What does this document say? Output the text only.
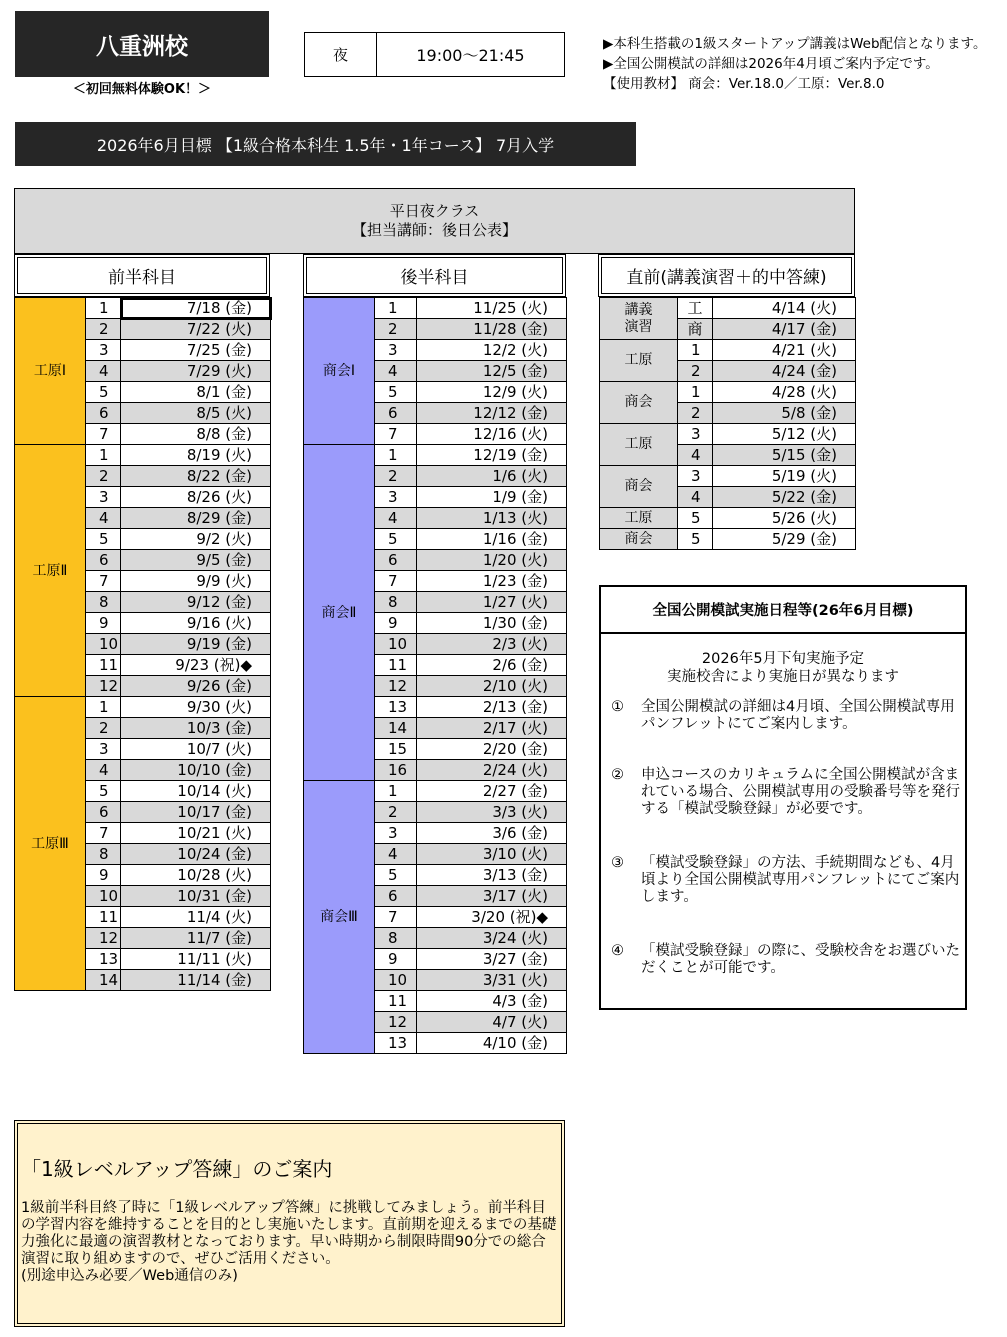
八重洲校
＜初回無料体験OK！＞
夜	19:00〜21:45
▶本科生搭載の1級スタートアップ講義はWeb配信となります。
▶全国公開模試の詳細は2026年4月頃ご案内予定です。
【使用教材】 商会：Ver.18.0／工原：Ver.8.0
2026年6月目標 【1級合格本科生 1.5年・1年コース】 7月入学
平日夜クラス
【担当講師：後日公表】
前半科目	後半科目	直前(講義演習＋的中答練)
工原Ⅰ	1	7/18 (金)
	2	7/22 (火)
	3	7/25 (金)
	4	7/29 (火)
	5	8/1 (金)
	6	8/5 (火)
	7	8/8 (金)
工原Ⅱ	1	8/19 (火)
	2	8/22 (金)
	3	8/26 (火)
	4	8/29 (金)
	5	9/2 (火)
	6	9/5 (金)
	7	9/9 (火)
	8	9/12 (金)
	9	9/16 (火)
	10	9/19 (金)
	11	9/23 (祝)◆
	12	9/26 (金)
工原Ⅲ	1	9/30 (火)
	2	10/3 (金)
	3	10/7 (火)
	4	10/10 (金)
	5	10/14 (火)
	6	10/17 (金)
	7	10/21 (火)
	8	10/24 (金)
	9	10/28 (火)
	10	10/31 (金)
	11	11/4 (火)
	12	11/7 (金)
	13	11/11 (火)
	14	11/14 (金)
商会Ⅰ	1	11/25 (火)
	2	11/28 (金)
	3	12/2 (火)
	4	12/5 (金)
	5	12/9 (火)
	6	12/12 (金)
	7	12/16 (火)
商会Ⅱ	1	12/19 (金)
	2	1/6 (火)
	3	1/9 (金)
	4	1/13 (火)
	5	1/16 (金)
	6	1/20 (火)
	7	1/23 (金)
	8	1/27 (火)
	9	1/30 (金)
	10	2/3 (火)
	11	2/6 (金)
	12	2/10 (火)
	13	2/13 (金)
	14	2/17 (火)
	15	2/20 (金)
	16	2/24 (火)
商会Ⅲ	1	2/27 (金)
	2	3/3 (火)
	3	3/6 (金)
	4	3/10 (火)
	5	3/13 (金)
	6	3/17 (火)
	7	3/20 (祝)◆
	8	3/24 (火)
	9	3/27 (金)
	10	3/31 (火)
	11	4/3 (金)
	12	4/7 (火)
	13	4/10 (金)
講義
演習	工	4/14 (火)
	商	4/17 (金)
工原	1	4/21 (火)
	2	4/24 (金)
商会	1	4/28 (火)
	2	5/8 (金)
工原	3	5/12 (火)
	4	5/15 (金)
商会	3	5/19 (火)
	4	5/22 (金)
工原	5	5/26 (火)
商会	5	5/29 (金)
全国公開模試実施日程等(26年6月目標)
2026年5月下旬実施予定
実施校舎により実施日が異なります
①	全国公開模試の詳細は4月頃、全国公開模試専用パンフレットにてご案内します。
②	申込コースのカリキュラムに全国公開模試が含まれている場合、公開模試専用の受験番号等を発行する「模試受験登録」が必要です。
③	「模試受験登録」の方法、手続期間なども、4月頃より全国公開模試専用パンフレットにてご案内します。
④	「模試受験登録」の際に、受験校舎をお選びいただくことが可能です。
「1級レベルアップ答練」のご案内
1級前半科目終了時に「1級レベルアップ答練」に挑戦してみましょう。前半科目の学習内容を維持することを目的とし実施いたします。直前期を迎えるまでの基礎力強化に最適の演習教材となっております。早い時期から制限時間90分での総合演習に取り組めますので、ぜひご活用ください。
(別途申込み必要／Web通信のみ)
